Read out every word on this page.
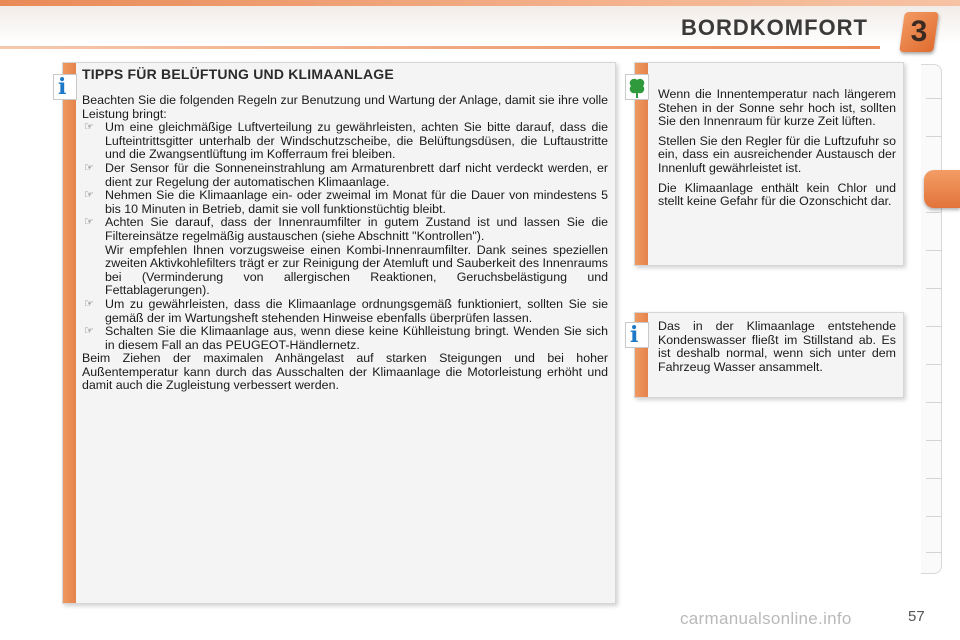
BORDKOMFORT 3
i TIPPS FÜR BELÜFTUNG UND KLIMAANLAGE

Beachten Sie die folgenden Regeln zur Benutzung und Wartung der Anlage, damit sie ihre volle Leistung bringt:

☞ Um eine gleichmäßige Luftverteilung zu gewährleisten, achten Sie bitte darauf, dass die Lufteintrittsgitter unterhalb der Windschutzscheibe, die Belüftungsdüsen, die Luftaustritte und die Zwangsentlüftung im Kofferraum frei bleiben.
☞ Der Sensor für die Sonneneinstrahlung am Armaturenbrett darf nicht verdeckt werden, er dient zur Regelung der automatischen Klimaanlage.
☞ Nehmen Sie die Klimaanlage ein- oder zweimal im Monat für die Dauer von mindestens 5 bis 10 Minuten in Betrieb, damit sie voll funktionstüchtig bleibt.
☞ Achten Sie darauf, dass der Innenraumfilter in gutem Zustand ist und lassen Sie die Filtereinsätze regelmäßig austauschen (siehe Abschnitt "Kontrollen").

Wir empfehlen Ihnen vorzugsweise einen Kombi-Innenraumfilter. Dank seines speziellen zweiten Aktivkohlefilters trägt er zur Reinigung der Atemluft und Sauberkeit des Innenraums bei (Verminderung von allergischen Reaktionen, Geruchsbelästigung und Fettablagerungen).

☞ Um zu gewährleisten, dass die Klimaanlage ordnungsgemäß funktioniert, sollten Sie sie gemäß der im Wartungsheft stehenden Hinweise ebenfalls überprüfen lassen.
☞ Schalten Sie die Klimaanlage aus, wenn diese keine Kühlleistung bringt. Wenden Sie sich in diesem Fall an das PEUGEOT-Händlernetz.

Beim Ziehen der maximalen Anhängelast auf starken Steigungen und bei hoher Außentemperatur kann durch das Ausschalten der Klimaanlage die Motorleistung erhöht und damit auch die Zugleistung verbessert werden.

Wenn die Innentemperatur nach längerem Stehen in der Sonne sehr hoch ist, sollten Sie den Innenraum für kurze Zeit lüften.

Stellen Sie den Regler für die Luftzufuhr so ein, dass ein ausreichender Austausch der Innenluft gewährleistet ist.

Die Klimaanlage enthält kein Chlor und stellt keine Gefahr für die Ozonschicht dar.

i Das in der Klimaanlage entstehende Kondenswasser fließt im Stillstand ab. Es ist deshalb normal, wenn sich unter dem Fahrzeug Wasser ansammelt.

carmanualsonline.info	57
